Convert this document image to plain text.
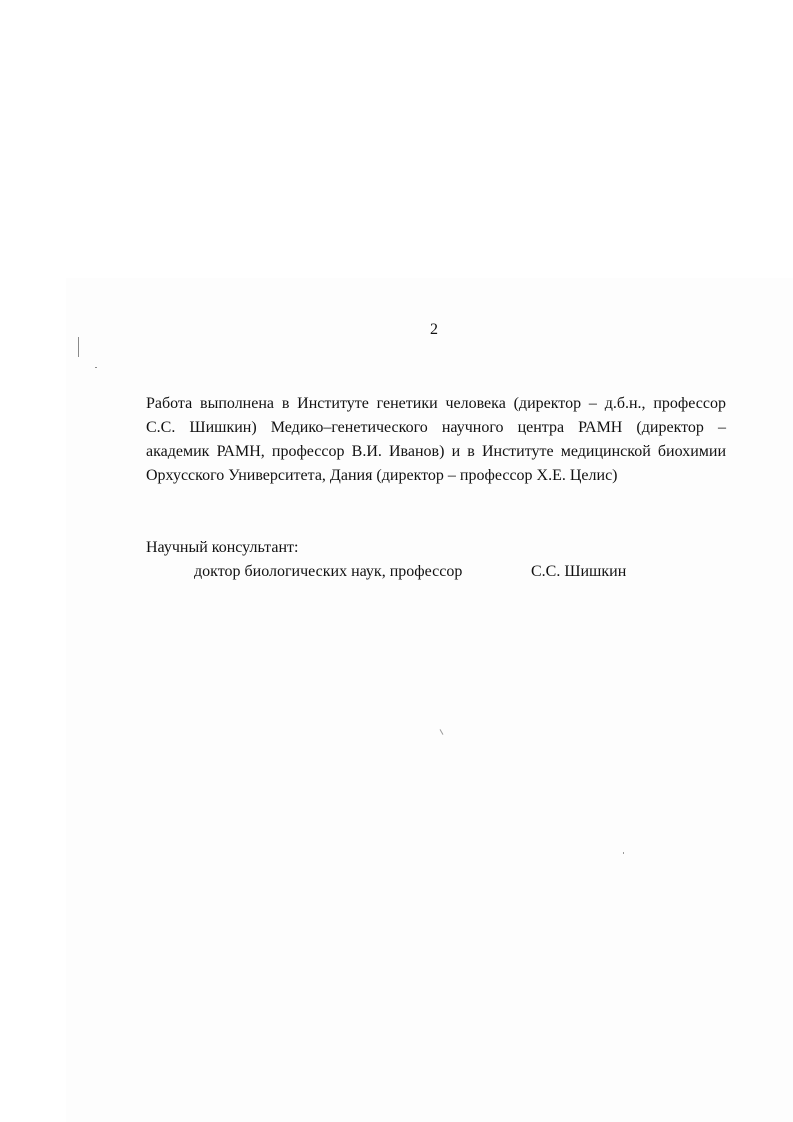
2
Работа выполнена в Институте генетики человека (директор – д.б.н., профессор
С.С. Шишкин) Медико–генетического научного центра РАМН (директор –
академик РАМН, профессор В.И. Иванов) и в Институте медицинской биохимии
Орхусского Университета, Дания (директор – профессор Х.Е. Целис)
Научный консультант:
доктор биологических наук, профессор	С.С. Шишкин
